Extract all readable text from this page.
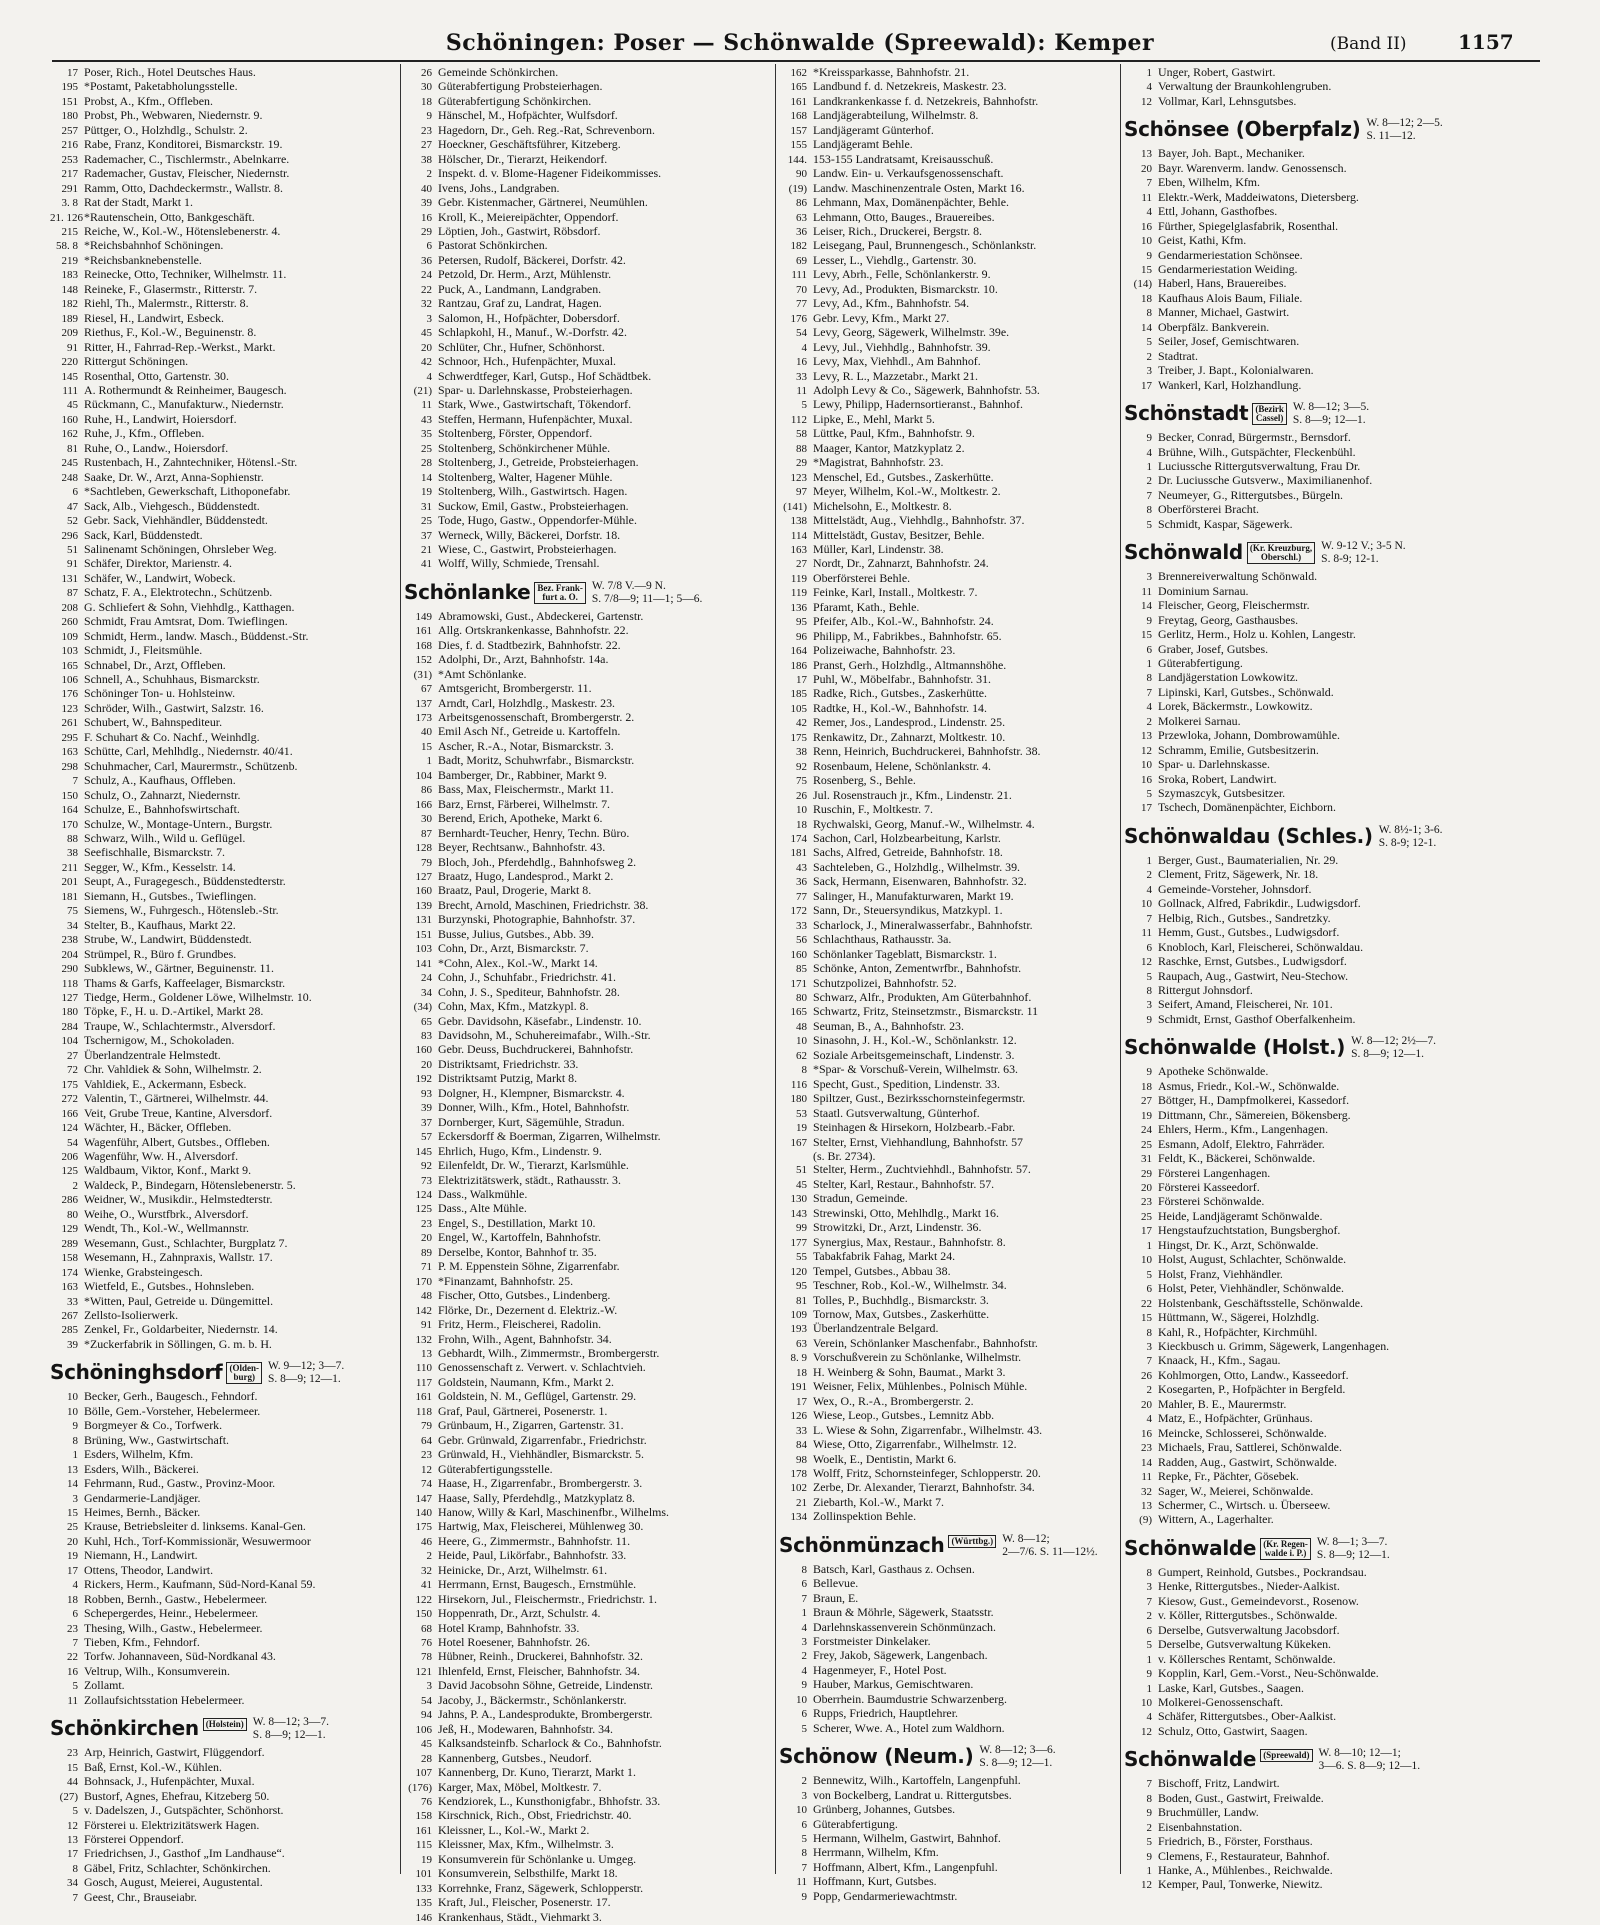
Schöningen: Poser — Schönwalde (Spreewald): Kemper	(Band II)	1157
17 Poser, Rich., Hotel Deutsches Haus.
195 *Postamt, Paketabholungsstelle.
151 Probst, A., Kfm., Offleben.
180 Probst, Ph., Webwaren, Niedernstr. 9.
257 Püttger, O., Holzhdlg., Schulstr. 2.
216 Rabe, Franz, Konditorei, Bismarckstr. 19.
253 Rademacher, C., Tischlermstr., Abelnkarre.
217 Rademacher, Gustav, Fleischer, Niedernstr.
291 Ramm, Otto, Dachdeckermstr., Wallstr. 8.
3. 8 Rat der Stadt, Markt 1.
21. 126*Rautenschein, Otto, Bankgeschäft.
215 Reiche, W., Kol.-W., Hötenslebenerstr. 4.
58. 8 *Reichsbahnhof Schöningen.
219 *Reichsbanknebenstelle.
183 Reinecke, Otto, Techniker, Wilhelmstr. 11.
148 Reineke, F., Glasermstr., Ritterstr. 7.
182 Riehl, Th., Malermstr., Ritterstr. 8.
189 Riesel, H., Landwirt, Esbeck.
209 Riethus, F., Kol.-W., Beguinenstr. 8.
91 Ritter, H., Fahrrad-Rep.-Werkst., Markt.
220 Rittergut Schöningen.
145 Rosenthal, Otto, Gartenstr. 30.
111 A. Rothermundt & Reinheimer, Baugesch.
45 Rückmann, C., Manufakturw., Niedernstr.
160 Ruhe, H., Landwirt, Hoiersdorf.
162 Ruhe, J., Kfm., Offleben.
81 Ruhe, O., Landw., Hoiersdorf.
245 Rustenbach, H., Zahntechniker, Hötensl.-Str.
248 Saake, Dr. W., Arzt, Anna-Sophienstr.
6 *Sachtleben, Gewerkschaft, Lithoponefabr.
47 Sack, Alb., Viehgesch., Büddenstedt.
52 Gebr. Sack, Viehhändler, Büddenstedt.
296 Sack, Karl, Büddenstedt.
51 Salinenamt Schöningen, Ohrsleber Weg.
91 Schäfer, Direktor, Marienstr. 4.
131 Schäfer, W., Landwirt, Wobeck.
87 Schatz, F. A., Elektrotechn., Schützenb.
208 G. Schliefert & Sohn, Viehhdlg., Katthagen.
260 Schmidt, Frau Amtsrat, Dom. Twieflingen.
109 Schmidt, Herm., landw. Masch., Büddenst.-Str.
103 Schmidt, J., Fleitsmühle.
165 Schnabel, Dr., Arzt, Offleben.
106 Schnell, A., Schuhhaus, Bismarckstr.
176 Schöninger Ton- u. Hohlsteinw.
123 Schröder, Wilh., Gastwirt, Salzstr. 16.
261 Schubert, W., Bahnspediteur.
295 F. Schuhart & Co. Nachf., Weinhdlg.
163 Schütte, Carl, Mehlhdlg., Niedernstr. 40/41.
298 Schuhmacher, Carl, Maurermstr., Schützenb.
7 Schulz, A., Kaufhaus, Offleben.
150 Schulz, O., Zahnarzt, Niedernstr.
164 Schulze, E., Bahnhofswirtschaft.
170 Schulze, W., Montage-Untern., Burgstr.
88 Schwarz, Wilh., Wild u. Geflügel.
38 Seefischhalle, Bismarckstr. 7.
211 Segger, W., Kfm., Kesselstr. 14.
201 Seupt, A., Furagegesch., Büddenstedterstr.
181 Siemann, H., Gutsbes., Twieflingen.
75 Siemens, W., Fuhrgesch., Hötensleb.-Str.
34 Stelter, B., Kaufhaus, Markt 22.
238 Strube, W., Landwirt, Büddenstedt.
204 Strümpel, R., Büro f. Grundbes.
290 Subklews, W., Gärtner, Beguinenstr. 11.
118 Thams & Garfs, Kaffeelager, Bismarckstr.
127 Tiedge, Herm., Goldener Löwe, Wilhelmstr. 10.
180 Töpke, F., H. u. D.-Artikel, Markt 28.
284 Traupe, W., Schlachtermstr., Alversdorf.
104 Tschernigow, M., Schokoladen.
27 Überlandzentrale Helmstedt.
72 Chr. Vahldiek & Sohn, Wilhelmstr. 2.
175 Vahldiek, E., Ackermann, Esbeck.
272 Valentin, T., Gärtnerei, Wilhelmstr. 44.
166 Veit, Grube Treue, Kantine, Alversdorf.
124 Wächter, H., Bäcker, Offleben.
54 Wagenführ, Albert, Gutsbes., Offleben.
206 Wagenführ, Ww. H., Alversdorf.
125 Waldbaum, Viktor, Konf., Markt 9.
2 Waldeck, P., Bindegarn, Hötenslebenerstr. 5.
286 Weidner, W., Musikdir., Helmstedterstr.
80 Weihe, O., Wurstfbrk., Alversdorf.
129 Wendt, Th., Kol.-W., Wellmannstr.
289 Wesemann, Gust., Schlachter, Burgplatz 7.
158 Wesemann, H., Zahnpraxis, Wallstr. 17.
174 Wienke, Grabsteingesch.
163 Wietfeld, E., Gutsbes., Hohnsleben.
33 *Witten, Paul, Getreide u. Düngemittel.
267 Zellsto-Isolierwerk.
285 Zenkel, Fr., Goldarbeiter, Niedernstr. 14.
39 *Zuckerfabrik in Söllingen, G. m. b. H.
Schöninghsdorf (Olden-
burg)
W. 9—12; 3—7.
S. 8—9; 12—1.
10 Becker, Gerh., Baugesch., Fehndorf.
10 Bölle, Gem.-Vorsteher, Hebelermeer.
9 Borgmeyer & Co., Torfwerk.
8 Brüning, Ww., Gastwirtschaft.
1 Esders, Wilhelm, Kfm.
13 Esders, Wilh., Bäckerei.
14 Fehrmann, Rud., Gastw., Provinz-Moor.
3 Gendarmerie-Landjäger.
15 Heimes, Bernh., Bäcker.
25 Krause, Betriebsleiter d. linksems. Kanal-Gen.
20 Kuhl, Hch., Torf-Kommissionär, Wesuwermoor
19 Niemann, H., Landwirt.
17 Ottens, Theodor, Landwirt.
4 Rickers, Herm., Kaufmann, Süd-Nord-Kanal 59.
18 Robben, Bernh., Gastw., Hebelermeer.
6 Schepergerdes, Heinr., Hebelermeer.
23 Thesing, Wilh., Gastw., Hebelermeer.
7 Tieben, Kfm., Fehndorf.
22 Torfw. Johannaveen, Süd-Nordkanal 43.
16 Veltrup, Wilh., Konsumverein.
5 Zollamt.
11 Zollaufsichtsstation Hebelermeer.
Schönkirchen (Holstein) W. 8—12; 3—7.
S. 8—9; 12—1.
23 Arp, Heinrich, Gastwirt, Flüggendorf.
15 Baß, Ernst, Kol.-W., Kühlen.
44 Bohnsack, J., Hufenpächter, Muxal.
(27) Bustorf, Agnes, Ehefrau, Kitzeberg 50.
5 v. Dadelszen, J., Gutspächter, Schönhorst.
12 Försterei u. Elektrizitätswerk Hagen.
13 Försterei Oppendorf.
17 Friedrichsen, J., Gasthof „Im Landhause“.
8 Gäbel, Fritz, Schlachter, Schönkirchen.
34 Gosch, August, Meierei, Augustental.
7 Geest, Chr., Brauseiabr.
26 Gemeinde Schönkirchen.
30 Güterabfertigung Probsteierhagen.
18 Güterabfertigung Schönkirchen.
9 Hänschel, M., Hofpächter, Wulfsdorf.
23 Hagedorn, Dr., Geh. Reg.-Rat, Schrevenborn.
27 Hoeckner, Geschäftsführer, Kitzeberg.
38 Hölscher, Dr., Tierarzt, Heikendorf.
2 Inspekt. d. v. Blome-Hagener Fideikommisses.
40 Ivens, Johs., Landgraben.
39 Gebr. Kistenmacher, Gärtnerei, Neumühlen.
16 Kroll, K., Meiereipächter, Oppendorf.
29 Löptien, Joh., Gastwirt, Röbsdorf.
6 Pastorat Schönkirchen.
36 Petersen, Rudolf, Bäckerei, Dorfstr. 42.
24 Petzold, Dr. Herm., Arzt, Mühlenstr.
22 Puck, A., Landmann, Landgraben.
32 Rantzau, Graf zu, Landrat, Hagen.
3 Salomon, H., Hofpächter, Dobersdorf.
45 Schlapkohl, H., Manuf., W.-Dorfstr. 42.
20 Schlüter, Chr., Hufner, Schönhorst.
42 Schnoor, Hch., Hufenpächter, Muxal.
4 Schwerdtfeger, Karl, Gutsp., Hof Schädtbek.
(21) Spar- u. Darlehnskasse, Probsteierhagen.
11 Stark, Wwe., Gastwirtschaft, Tökendorf.
43 Steffen, Hermann, Hufenpächter, Muxal.
35 Stoltenberg, Förster, Oppendorf.
25 Stoltenberg, Schönkirchener Mühle.
28 Stoltenberg, J., Getreide, Probsteierhagen.
14 Stoltenberg, Walter, Hagener Mühle.
19 Stoltenberg, Wilh., Gastwirtsch. Hagen.
31 Suckow, Emil, Gastw., Probsteierhagen.
25 Tode, Hugo, Gastw., Oppendorfer-Mühle.
37 Werneck, Willy, Bäckerei, Dorfstr. 18.
21 Wiese, C., Gastwirt, Probsteierhagen.
41 Wolff, Willy, Schmiede, Trensahl.
Schönlanke Bez. Frank-
furt a. O.
W. 7/8 V.—9 N.
S. 7/8—9; 11—1; 5—6.
149 Abramowski, Gust., Abdeckerei, Gartenstr.
161 Allg. Ortskrankenkasse, Bahnhofstr. 22.
168 Dies, f. d. Stadtbezirk, Bahnhofstr. 22.
152 Adolphi, Dr., Arzt, Bahnhofstr. 14a.
(31) *Amt Schönlanke.
67 Amtsgericht, Brombergerstr. 11.
137 Arndt, Carl, Holzhdlg., Maskestr. 23.
173 Arbeitsgenossenschaft, Brombergerstr. 2.
40 Emil Asch Nf., Getreide u. Kartoffeln.
15 Ascher, R.-A., Notar, Bismarckstr. 3.
1 Badt, Moritz, Schuhwrfabr., Bismarckstr.
104 Bamberger, Dr., Rabbiner, Markt 9.
86 Bass, Max, Fleischermstr., Markt 11.
166 Barz, Ernst, Färberei, Wilhelmstr. 7.
30 Berend, Erich, Apotheke, Markt 6.
87 Bernhardt-Teucher, Henry, Techn. Büro.
128 Beyer, Rechtsanw., Bahnhofstr. 43.
79 Bloch, Joh., Pferdehdlg., Bahnhofsweg 2.
127 Braatz, Hugo, Landesprod., Markt 2.
160 Braatz, Paul, Drogerie, Markt 8.
139 Brecht, Arnold, Maschinen, Friedrichstr. 38.
131 Burzynski, Photographie, Bahnhofstr. 37.
151 Busse, Julius, Gutsbes., Abb. 39.
103 Cohn, Dr., Arzt, Bismarckstr. 7.
141 *Cohn, Alex., Kol.-W., Markt 14.
24 Cohn, J., Schuhfabr., Friedrichstr. 41.
34 Cohn, J. S., Spediteur, Bahnhofstr. 28.
(34) Cohn, Max, Kfm., Matzkypl. 8.
65 Gebr. Davidsohn, Käsefabr., Lindenstr. 10.
83 Davidsohn, M., Schuhereimafabr., Wilh.-Str.
160 Gebr. Deuss, Buchdruckerei, Bahnhofstr.
20 Distriktsamt, Friedrichstr. 33.
192 Distriktsamt Putzig, Markt 8.
93 Dolgner, H., Klempner, Bismarckstr. 4.
39 Donner, Wilh., Kfm., Hotel, Bahnhofstr.
37 Dornberger, Kurt, Sägemühle, Stradun.
57 Eckersdorff & Boerman, Zigarren, Wilhelmstr.
145 Ehrlich, Hugo, Kfm., Lindenstr. 9.
92 Eilenfeldt, Dr. W., Tierarzt, Karlsmühle.
73 Elektrizitätswerk, städt., Rathausstr. 3.
124 Dass., Walkmühle.
125 Dass., Alte Mühle.
23 Engel, S., Destillation, Markt 10.
20 Engel, W., Kartoffeln, Bahnhofstr.
89 Derselbe, Kontor, Bahnhof tr. 35.
71 P. M. Eppenstein Söhne, Zigarrenfabr.
170 *Finanzamt, Bahnhofstr. 25.
48 Fischer, Otto, Gutsbes., Lindenberg.
142 Flörke, Dr., Dezernent d. Elektriz.-W.
91 Fritz, Herm., Fleischerei, Radolin.
132 Frohn, Wilh., Agent, Bahnhofstr. 34.
13 Gebhardt, Wilh., Zimmermstr., Brombergerstr.
110 Genossenschaft z. Verwert. v. Schlachtvieh.
117 Goldstein, Naumann, Kfm., Markt 2.
161 Goldstein, N. M., Geflügel, Gartenstr. 29.
118 Graf, Paul, Gärtnerei, Posenerstr. 1.
79 Grünbaum, H., Zigarren, Gartenstr. 31.
64 Gebr. Grünwald, Zigarrenfabr., Friedrichstr.
23 Grünwald, H., Viehhändler, Bismarckstr. 5.
12 Güterabfertigungsstelle.
74 Haase, H., Zigarrenfabr., Brombergerstr. 3.
147 Haase, Sally, Pferdehdlg., Matzkyplatz 8.
140 Hanow, Willy & Karl, Maschinenfbr., Wilhelms.
175 Hartwig, Max, Fleischerei, Mühlenweg 30.
46 Heere, G., Zimmermstr., Bahnhofstr. 11.
2 Heide, Paul, Likörfabr., Bahnhofstr. 33.
32 Heinicke, Dr., Arzt, Wilhelmstr. 61.
41 Herrmann, Ernst, Baugesch., Ernstmühle.
122 Hirsekorn, Jul., Fleischermstr., Friedrichstr. 1.
150 Hoppenrath, Dr., Arzt, Schulstr. 4.
68 Hotel Kramp, Bahnhofstr. 33.
76 Hotel Roesener, Bahnhofstr. 26.
78 Hübner, Reinh., Druckerei, Bahnhofstr. 32.
121 Ihlenfeld, Ernst, Fleischer, Bahnhofstr. 34.
3 David Jacobsohn Söhne, Getreide, Lindenstr.
54 Jacoby, J., Bäckermstr., Schönlankerstr.
94 Jahns, P. A., Landesprodukte, Brombergerstr.
106 Jeß, H., Modewaren, Bahnhofstr. 34.
45 Kalksandsteinfb. Scharlock & Co., Bahnhofstr.
28 Kannenberg, Gutsbes., Neudorf.
107 Kannenberg, Dr. Kuno, Tierarzt, Markt 1.
(176) Karger, Max, Möbel, Moltkestr. 7.
76 Kendziorek, L., Kunsthonigfabr., Bhhofstr. 33.
158 Kirschnick, Rich., Obst, Friedrichstr. 40.
161 Kleissner, L., Kol.-W., Markt 2.
115 Kleissner, Max, Kfm., Wilhelmstr. 3.
19 Konsumverein für Schönlanke u. Umgeg.
101 Konsumverein, Selbsthilfe, Markt 18.
133 Korrehnke, Franz, Sägewerk, Schlopperstr.
135 Kraft, Jul., Fleischer, Posenerstr. 17.
146 Krankenhaus, Städt., Viehmarkt 3.
162 *Kreissparkasse, Bahnhofstr. 21.
165 Landbund f. d. Netzekreis, Maskestr. 23.
161 Landkrankenkasse f. d. Netzekreis, Bahnhofstr.
168 Landjägerabteilung, Wilhelmstr. 8.
157 Landjägeramt Günterhof.
155 Landjägeramt Behle.
144. 153-155 Landratsamt, Kreisausschuß.
90 Landw. Ein- u. Verkaufsgenossenschaft.
(19) Landw. Maschinenzentrale Osten, Markt 16.
86 Lehmann, Max, Domänenpächter, Behle.
63 Lehmann, Otto, Bauges., Brauereibes.
36 Leiser, Rich., Druckerei, Bergstr. 8.
182 Leisegang, Paul, Brunnengesch., Schönlankstr.
69 Lesser, L., Viehdlg., Gartenstr. 30.
111 Levy, Abrh., Felle, Schönlankerstr. 9.
70 Levy, Ad., Produkten, Bismarckstr. 10.
77 Levy, Ad., Kfm., Bahnhofstr. 54.
176 Gebr. Levy, Kfm., Markt 27.
54 Levy, Georg, Sägewerk, Wilhelmstr. 39e.
4 Levy, Jul., Viehhdlg., Bahnhofstr. 39.
16 Levy, Max, Viehhdl., Am Bahnhof.
33 Levy, R. L., Mazzetabr., Markt 21.
11 Adolph Levy & Co., Sägewerk, Bahnhofstr. 53.
5 Lewy, Philipp, Hadernsortieranst., Bahnhof.
112 Lipke, E., Mehl, Markt 5.
58 Lüttke, Paul, Kfm., Bahnhofstr. 9.
88 Maager, Kantor, Matzkyplatz 2.
29 *Magistrat, Bahnhofstr. 23.
123 Menschel, Ed., Gutsbes., Zaskerhütte.
97 Meyer, Wilhelm, Kol.-W., Moltkestr. 2.
(141) Michelsohn, E., Moltkestr. 8.
138 Mittelstädt, Aug., Viehhdlg., Bahnhofstr. 37.
114 Mittelstädt, Gustav, Besitzer, Behle.
163 Müller, Karl, Lindenstr. 38.
27 Nordt, Dr., Zahnarzt, Bahnhofstr. 24.
119 Oberförsterei Behle.
119 Feinke, Karl, Install., Moltkestr. 7.
136 Pfaramt, Kath., Behle.
95 Pfeifer, Alb., Kol.-W., Bahnhofstr. 24.
96 Philipp, M., Fabrikbes., Bahnhofstr. 65.
164 Polizeiwache, Bahnhofstr. 23.
186 Pranst, Gerh., Holzhdlg., Altmannshöhe.
17 Puhl, W., Möbelfabr., Bahnhofstr. 31.
185 Radke, Rich., Gutsbes., Zaskerhütte.
105 Radtke, H., Kol.-W., Bahnhofstr. 14.
42 Remer, Jos., Landesprod., Lindenstr. 25.
175 Renkawitz, Dr., Zahnarzt, Moltkestr. 10.
38 Renn, Heinrich, Buchdruckerei, Bahnhofstr. 38.
92 Rosenbaum, Helene, Schönlankstr. 4.
75 Rosenberg, S., Behle.
26 Jul. Rosenstrauch jr., Kfm., Lindenstr. 21.
10 Ruschin, F., Moltkestr. 7.
18 Rychwalski, Georg, Manuf.-W., Wilhelmstr. 4.
174 Sachon, Carl, Holzbearbeitung, Karlstr.
181 Sachs, Alfred, Getreide, Bahnhofstr. 18.
43 Sachteleben, G., Holzhdlg., Wilhelmstr. 39.
36 Sack, Hermann, Eisenwaren, Bahnhofstr. 32.
77 Salinger, H., Manufakturwaren, Markt 19.
172 Sann, Dr., Steuersyndikus, Matzkypl. 1.
33 Scharlock, J., Mineralwasserfabr., Bahnhofstr.
56 Schlachthaus, Rathausstr. 3a.
160 Schönlanker Tageblatt, Bismarckstr. 1.
85 Schönke, Anton, Zementwrfbr., Bahnhofstr.
171 Schutzpolizei, Bahnhofstr. 52.
80 Schwarz, Alfr., Produkten, Am Güterbahnhof.
165 Schwartz, Fritz, Steinsetzmstr., Bismarckstr. 11
48 Seuman, B., A., Bahnhofstr. 23.
10 Sinasohn, J. H., Kol.-W., Schönlankstr. 12.
62 Soziale Arbeitsgemeinschaft, Lindenstr. 3.
8 *Spar- & Vorschuß-Verein, Wilhelmstr. 63.
116 Specht, Gust., Spedition, Lindenstr. 33.
180 Spiltzer, Gust., Bezirksschornsteinfegermstr.
53 Staatl. Gutsverwaltung, Günterhof.
19 Steinhagen & Hirsekorn, Holzbearb.-Fabr.
167 Stelter, Ernst, Viehhandlung, Bahnhofstr. 57
(s. Br. 2734).
51 Stelter, Herm., Zuchtviehhdl., Bahnhofstr. 57.
45 Stelter, Karl, Restaur., Bahnhofstr. 57.
130 Stradun, Gemeinde.
143 Strewinski, Otto, Mehlhdlg., Markt 16.
99 Strowitzki, Dr., Arzt, Lindenstr. 36.
177 Synergius, Max, Restaur., Bahnhofstr. 8.
55 Tabakfabrik Fahag, Markt 24.
120 Tempel, Gutsbes., Abbau 38.
95 Teschner, Rob., Kol.-W., Wilhelmstr. 34.
81 Tolles, P., Buchhdlg., Bismarckstr. 3.
109 Tornow, Max, Gutsbes., Zaskerhütte.
193 Überlandzentrale Belgard.
63 Verein, Schönlanker Maschenfabr., Bahnhofstr.
8. 9 Vorschußverein zu Schönlanke, Wilhelmstr.
18 H. Weinberg & Sohn, Baumat., Markt 3.
191 Weisner, Felix, Mühlenbes., Polnisch Mühle.
17 Wex, O., R.-A., Brombergerstr. 2.
126 Wiese, Leop., Gutsbes., Lemnitz Abb.
33 L. Wiese & Sohn, Zigarrenfabr., Wilhelmstr. 43.
84 Wiese, Otto, Zigarrenfabr., Wilhelmstr. 12.
98 Woelk, E., Dentistin, Markt 6.
178 Wolff, Fritz, Schornsteinfeger, Schlopperstr. 20.
102 Zerbe, Dr. Alexander, Tierarzt, Bahnhofstr. 34.
21 Ziebarth, Kol.-W., Markt 7.
134 Zollinspektion Behle.
Schönmünzach (Württbg.) W. 8—12;
2—7/6. S. 11—12½.
8 Batsch, Karl, Gasthaus z. Ochsen.
6 Bellevue.
7 Braun, E.
1 Braun & Möhrle, Sägewerk, Staatsstr.
4 Darlehnskassenverein Schönmünzach.
3 Forstmeister Dinkelaker.
2 Frey, Jakob, Sägewerk, Langenbach.
4 Hagenmeyer, F., Hotel Post.
9 Hauber, Markus, Gemischtwaren.
10 Oberrhein. Baumdustrie Schwarzenberg.
6 Rupps, Friedrich, Hauptlehrer.
5 Scherer, Wwe. A., Hotel zum Waldhorn.
Schönow (Neum.) W. 8—12; 3—6.
S. 8—9; 12—1.
2 Bennewitz, Wilh., Kartoffeln, Langenpfuhl.
3 von Bockelberg, Landrat u. Rittergutsbes.
10 Grünberg, Johannes, Gutsbes.
6 Güterabfertigung.
5 Hermann, Wilhelm, Gastwirt, Bahnhof.
8 Herrmann, Wilhelm, Kfm.
7 Hoffmann, Albert, Kfm., Langenpfuhl.
11 Hoffmann, Kurt, Gutsbes.
9 Popp, Gendarmeriewachtmstr.
1 Unger, Robert, Gastwirt.
4 Verwaltung der Braunkohlengruben.
12 Vollmar, Karl, Lehnsgutsbes.
Schönsee (Oberpfalz) W. 8—12; 2—5.
S. 11—12.
13 Bayer, Joh. Bapt., Mechaniker.
20 Bayr. Warenverm. landw. Genossensch.
7 Eben, Wilhelm, Kfm.
11 Elektr.-Werk, Maddeiwatons, Dietersberg.
4 Ettl, Johann, Gasthofbes.
16 Fürther, Spiegelglasfabrik, Rosenthal.
10 Geist, Kathi, Kfm.
9 Gendarmeriestation Schönsee.
15 Gendarmeriestation Weiding.
(14) Haberl, Hans, Brauereibes.
18 Kaufhaus Alois Baum, Filiale.
8 Manner, Michael, Gastwirt.
14 Oberpfälz. Bankverein.
5 Seiler, Josef, Gemischtwaren.
2 Stadtrat.
3 Treiber, J. Bapt., Kolonialwaren.
17 Wankerl, Karl, Holzhandlung.
Schönstadt (Bezirk
Cassel)
W. 8—12; 3—5.
S. 8—9; 12—1.
9 Becker, Conrad, Bürgermstr., Bernsdorf.
4 Brühne, Wilh., Gutspächter, Fleckenbühl.
1 Luciussche Rittergutsverwaltung, Frau Dr.
2 Dr. Luciussche Gutsverw., Maximilianenhof.
7 Neumeyer, G., Rittergutsbes., Bürgeln.
8 Oberförsterei Bracht.
5 Schmidt, Kaspar, Sägewerk.
Schönwald (Kr. Kreuzburg,
Oberschl.)
W. 9-12 V.; 3-5 N.
S. 8-9; 12-1.
3 Brennereiverwaltung Schönwald.
11 Dominium Sarnau.
14 Fleischer, Georg, Fleischermstr.
9 Freytag, Georg, Gasthausbes.
15 Gerlitz, Herm., Holz u. Kohlen, Langestr.
6 Graber, Josef, Gutsbes.
1 Güterabfertigung.
8 Landjägerstation Lowkowitz.
7 Lipinski, Karl, Gutsbes., Schönwald.
4 Lorek, Bäckermstr., Lowkowitz.
2 Molkerei Sarnau.
13 Przewloka, Johann, Dombrowamühle.
12 Schramm, Emilie, Gutsbesitzerin.
10 Spar- u. Darlehnskasse.
16 Sroka, Robert, Landwirt.
5 Szymaszcyk, Gutsbesitzer.
17 Tschech, Domänenpächter, Eichborn.
Schönwaldau (Schles.) W. 8½-1; 3-6.
S. 8-9; 12-1.
1 Berger, Gust., Baumaterialien, Nr. 29.
2 Clement, Fritz, Sägewerk, Nr. 18.
4 Gemeinde-Vorsteher, Johnsdorf.
10 Gollnack, Alfred, Fabrikdir., Ludwigsdorf.
7 Helbig, Rich., Gutsbes., Sandretzky.
11 Hemm, Gust., Gutsbes., Ludwigsdorf.
6 Knobloch, Karl, Fleischerei, Schönwaldau.
12 Raschke, Ernst, Gutsbes., Ludwigsdorf.
5 Raupach, Aug., Gastwirt, Neu-Stechow.
8 Rittergut Johnsdorf.
3 Seifert, Amand, Fleischerei, Nr. 101.
9 Schmidt, Ernst, Gasthof Oberfalkenheim.
Schönwalde (Holst.) W. 8—12; 2½—7.
S. 8—9; 12—1.
9 Apotheke Schönwalde.
18 Asmus, Friedr., Kol.-W., Schönwalde.
27 Böttger, H., Dampfmolkerei, Kassedorf.
19 Dittmann, Chr., Sämereien, Bökensberg.
24 Ehlers, Herm., Kfm., Langenhagen.
25 Esmann, Adolf, Elektro, Fahrräder.
31 Feldt, K., Bäckerei, Schönwalde.
29 Försterei Langenhagen.
20 Försterei Kasseedorf.
23 Försterei Schönwalde.
25 Heide, Landjägeramt Schönwalde.
17 Hengstaufzuchtstation, Bungsberghof.
1 Hingst, Dr. K., Arzt, Schönwalde.
10 Holst, August, Schlachter, Schönwalde.
5 Holst, Franz, Viehhändler.
6 Holst, Peter, Viehhändler, Schönwalde.
22 Holstenbank, Geschäftsstelle, Schönwalde.
15 Hüttmann, W., Sägerei, Holzhdlg.
8 Kahl, R., Hofpächter, Kirchmühl.
3 Kieckbusch u. Grimm, Sägewerk, Langenhagen.
7 Knaack, H., Kfm., Sagau.
26 Kohlmorgen, Otto, Landw., Kasseedorf.
2 Kosegarten, P., Hofpächter in Bergfeld.
20 Mahler, B. E., Maurermstr.
4 Matz, E., Hofpächter, Grünhaus.
16 Meincke, Schlosserei, Schönwalde.
23 Michaels, Frau, Sattlerei, Schönwalde.
14 Radden, Aug., Gastwirt, Schönwalde.
11 Repke, Fr., Pächter, Gösebek.
32 Sager, W., Meierei, Schönwalde.
13 Schermer, C., Wirtsch. u. Überseew.
(9) Wittern, A., Lagerhalter.
Schönwalde (Kr. Regen-
walde i. P.)
W. 8—1; 3—7.
S. 8—9; 12—1.
8 Gumpert, Reinhold, Gutsbes., Pockrandsau.
3 Henke, Rittergutsbes., Nieder-Aalkist.
7 Kiesow, Gust., Gemeindevorst., Rosenow.
2 v. Köller, Rittergutsbes., Schönwalde.
6 Derselbe, Gutsverwaltung Jacobsdorf.
5 Derselbe, Gutsverwaltung Kükeken.
1 v. Köllersches Rentamt, Schönwalde.
9 Kopplin, Karl, Gem.-Vorst., Neu-Schönwalde.
1 Laske, Karl, Gutsbes., Saagen.
10 Molkerei-Genossenschaft.
4 Schäfer, Rittergutsbes., Ober-Aalkist.
12 Schulz, Otto, Gastwirt, Saagen.
Schönwalde (Spreewald) W. 8—10; 12—1;
3—6. S. 8—9; 12—1.
7 Bischoff, Fritz, Landwirt.
8 Boden, Gust., Gastwirt, Freiwalde.
9 Bruchmüller, Landw.
2 Eisenbahnstation.
5 Friedrich, B., Förster, Forsthaus.
9 Clemens, F., Restaurateur, Bahnhof.
1 Hanke, A., Mühlenbes., Reichwalde.
12 Kemper, Paul, Tonwerke, Niewitz.
